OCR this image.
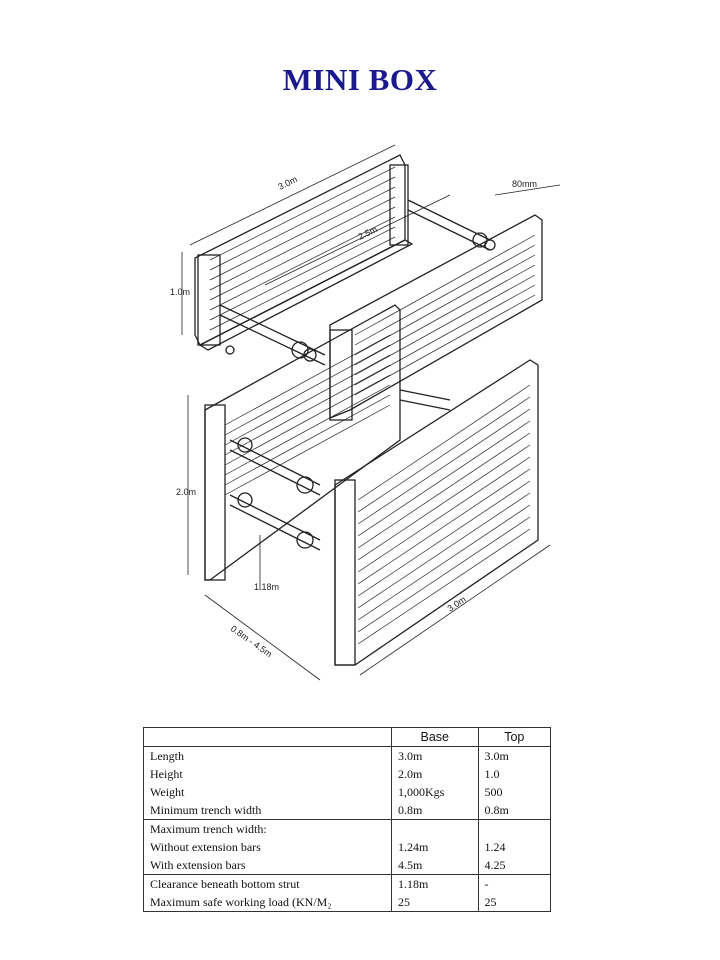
MINI BOX
3.0m
2.5m
1.0m
80mm
2.0m
1.18m
0.8m - 4.5m
3.0m
	Base	Top
Length	3.0m	3.0m
Height	2.0m	1.0
Weight	1,000Kgs	500
Minimum trench width	0.8m	0.8m
Maximum trench width:		
Without extension bars	1.24m	1.24
With extension bars	4.5m	4.25
Clearance beneath bottom strut	1.18m	-
Maximum safe working load (KN/M₂	25	25
